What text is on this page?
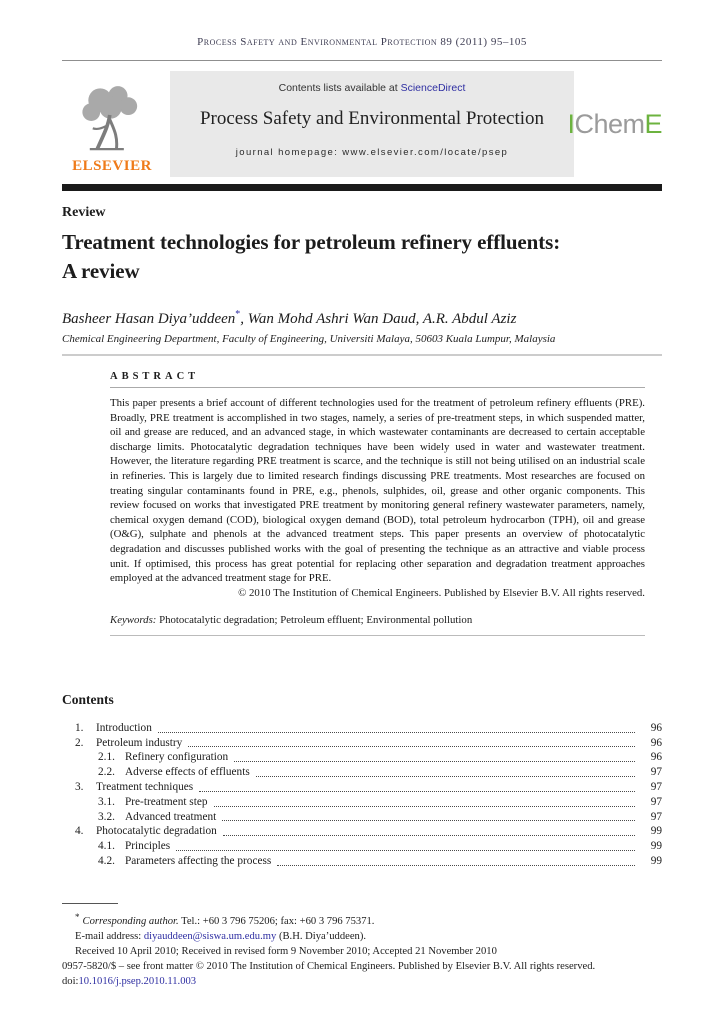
Process Safety and Environmental Protection 89 (2011) 95–105
ELSEVIER
Contents lists available at ScienceDirect
Process Safety and Environmental Protection
journal homepage: www.elsevier.com/locate/psep
IChemE
Review
Treatment technologies for petroleum refinery effluents:
A review
Basheer Hasan Diya’uddeen*, Wan Mohd Ashri Wan Daud, A.R. Abdul Aziz
Chemical Engineering Department, Faculty of Engineering, Universiti Malaya, 50603 Kuala Lumpur, Malaysia
ABSTRACT
This paper presents a brief account of different technologies used for the treatment of petroleum refinery effluents (PRE). Broadly, PRE treatment is accomplished in two stages, namely, a series of pre-treatment steps, in which suspended matter, oil and grease are reduced, and an advanced stage, in which wastewater contaminants are decreased to certain acceptable discharge limits. Photocatalytic degradation techniques have been widely used in water and wastewater treatment. However, the literature regarding PRE treatment is scarce, and the technique is still not being utilised on an industrial scale in refineries. This is largely due to limited research findings discussing PRE treatments. Most researches are focused on treating singular contaminants found in PRE, e.g., phenols, sulphides, oil, grease and other organic components. This review focused on works that investigated PRE treatment by monitoring general refinery wastewater parameters, namely, chemical oxygen demand (COD), biological oxygen demand (BOD), total petroleum hydrocarbon (TPH), oil and grease (O&G), sulphate and phenols at the advanced treatment steps. This paper presents an overview of photocatalytic degradation and discusses published works with the goal of presenting the technique as an attractive and viable process unit. If optimised, this process has great potential for replacing other separation and degradation treatment approaches employed at the advanced treatment stage for PRE.
© 2010 The Institution of Chemical Engineers. Published by Elsevier B.V. All rights reserved.
Keywords: Photocatalytic degradation; Petroleum effluent; Environmental pollution
Contents
1.	Introduction	96
2.	Petroleum industry	96
2.1. Refinery configuration	96
2.2. Adverse effects of effluents	97
3.	Treatment techniques	97
3.1. Pre-treatment step	97
3.2. Advanced treatment	97
4.	Photocatalytic degradation	99
4.1. Principles	99
4.2. Parameters affecting the process	99
* Corresponding author. Tel.: +60 3 796 75206; fax: +60 3 796 75371.
E-mail address: diyauddeen@siswa.um.edu.my (B.H. Diya’uddeen).
Received 10 April 2010; Received in revised form 9 November 2010; Accepted 21 November 2010
0957-5820/$ – see front matter © 2010 The Institution of Chemical Engineers. Published by Elsevier B.V. All rights reserved.
doi:10.1016/j.psep.2010.11.003
